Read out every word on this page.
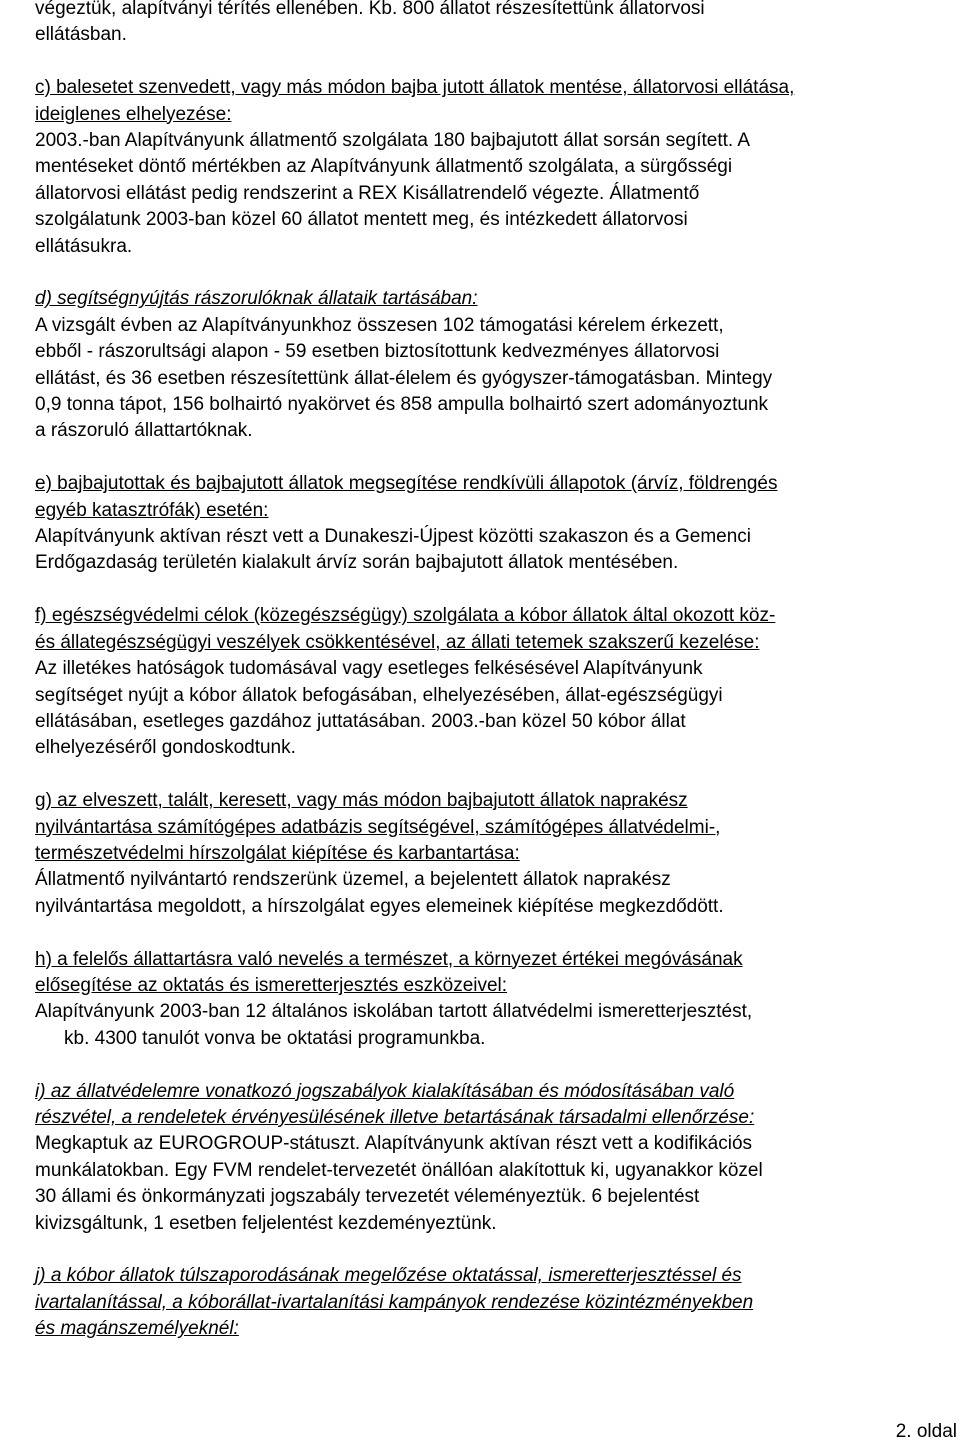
végeztük, alapítványi térítés ellenében. Kb. 800 állatot részesítettünk állatorvosi
ellátásban.

c) balesetet szenvedett, vagy más módon bajba jutott állatok mentése, állatorvosi ellátása,
ideiglenes elhelyezése:
2003.-ban Alapítványunk állatmentő szolgálata 180 bajbajutott állat sorsán segített. A
mentéseket döntő mértékben az Alapítványunk állatmentő szolgálata, a sürgősségi
állatorvosi ellátást pedig rendszerint a REX Kisállatrendelő végezte. Állatmentő
szolgálatunk 2003-ban közel 60 állatot mentett meg, és intézkedett állatorvosi
ellátásukra.

d) segítségnyújtás rászorulóknak állataik tartásában:
A vizsgált évben az Alapítványunkhoz összesen 102 támogatási kérelem érkezett,
ebből - rászorultsági alapon - 59 esetben biztosítottunk kedvezményes állatorvosi
ellátást, és 36 esetben részesítettünk állat-élelem és gyógyszer-támogatásban. Mintegy
0,9 tonna tápot, 156 bolhairtó nyakörvet és 858 ampulla bolhairtó szert adományoztunk
a rászoruló állattartóknak.

e) bajbajutottak és bajbajutott állatok megsegítése rendkívüli állapotok (árvíz, földrengés
egyéb katasztrófák) esetén:
Alapítványunk aktívan részt vett a Dunakeszi-Újpest közötti szakaszon és a Gemenci
Erdőgazdaság területén kialakult árvíz során bajbajutott állatok mentésében.

f) egészségvédelmi célok (közegészségügy) szolgálata a kóbor állatok által okozott köz-
és állategészségügyi veszélyek csökkentésével, az állati tetemek szakszerű kezelése:
Az illetékes hatóságok tudomásával vagy esetleges felkésésével Alapítványunk
segítséget nyújt a kóbor állatok befogásában, elhelyezésében, állat-egészségügyi
ellátásában, esetleges gazdához juttatásában. 2003.-ban közel 50 kóbor állat
elhelyezéséről gondoskodtunk.

g) az elveszett, talált, keresett, vagy más módon bajbajutott állatok naprakész
nyilvántartása számítógépes adatbázis segítségével, számítógépes állatvédelmi-,
természetvédelmi hírszolgálat kiépítése és karbantartása:
Állatmentő nyilvántartó rendszerünk üzemel, a bejelentett állatok naprakész
nyilvántartása megoldott, a hírszolgálat egyes elemeinek kiépítése megkezdődött.

h) a felelős állattartásra való nevelés a természet, a környezet értékei megóvásának
elősegítése az oktatás és ismeretterjesztés eszközeivel:
Alapítványunk 2003-ban 12 általános iskolában tartott állatvédelmi ismeretterjesztést,
kb. 4300 tanulót vonva be oktatási programunkba.

i) az állatvédelemre vonatkozó jogszabályok kialakításában és módosításában való
részvétel, a rendeletek érvényesülésének illetve betartásának társadalmi ellenőrzése:
Megkaptuk az EUROGROUP-státuszt. Alapítványunk aktívan részt vett a kodifikációs
munkálatokban. Egy FVM rendelet-tervezetét önállóan alakítottuk ki, ugyanakkor közel
30 állami és önkormányzati jogszabály tervezetét véleményeztük. 6 bejelentést
kivizsgáltunk, 1 esetben feljelentést kezdeményeztünk.

j) a kóbor állatok túlszaporodásának megelőzése oktatással, ismeretterjesztéssel és
ivartalanítással, a kóborállat-ivartalanítási kampányok rendezése közintézményekben
és magánszemélyeknél:

2. oldal
